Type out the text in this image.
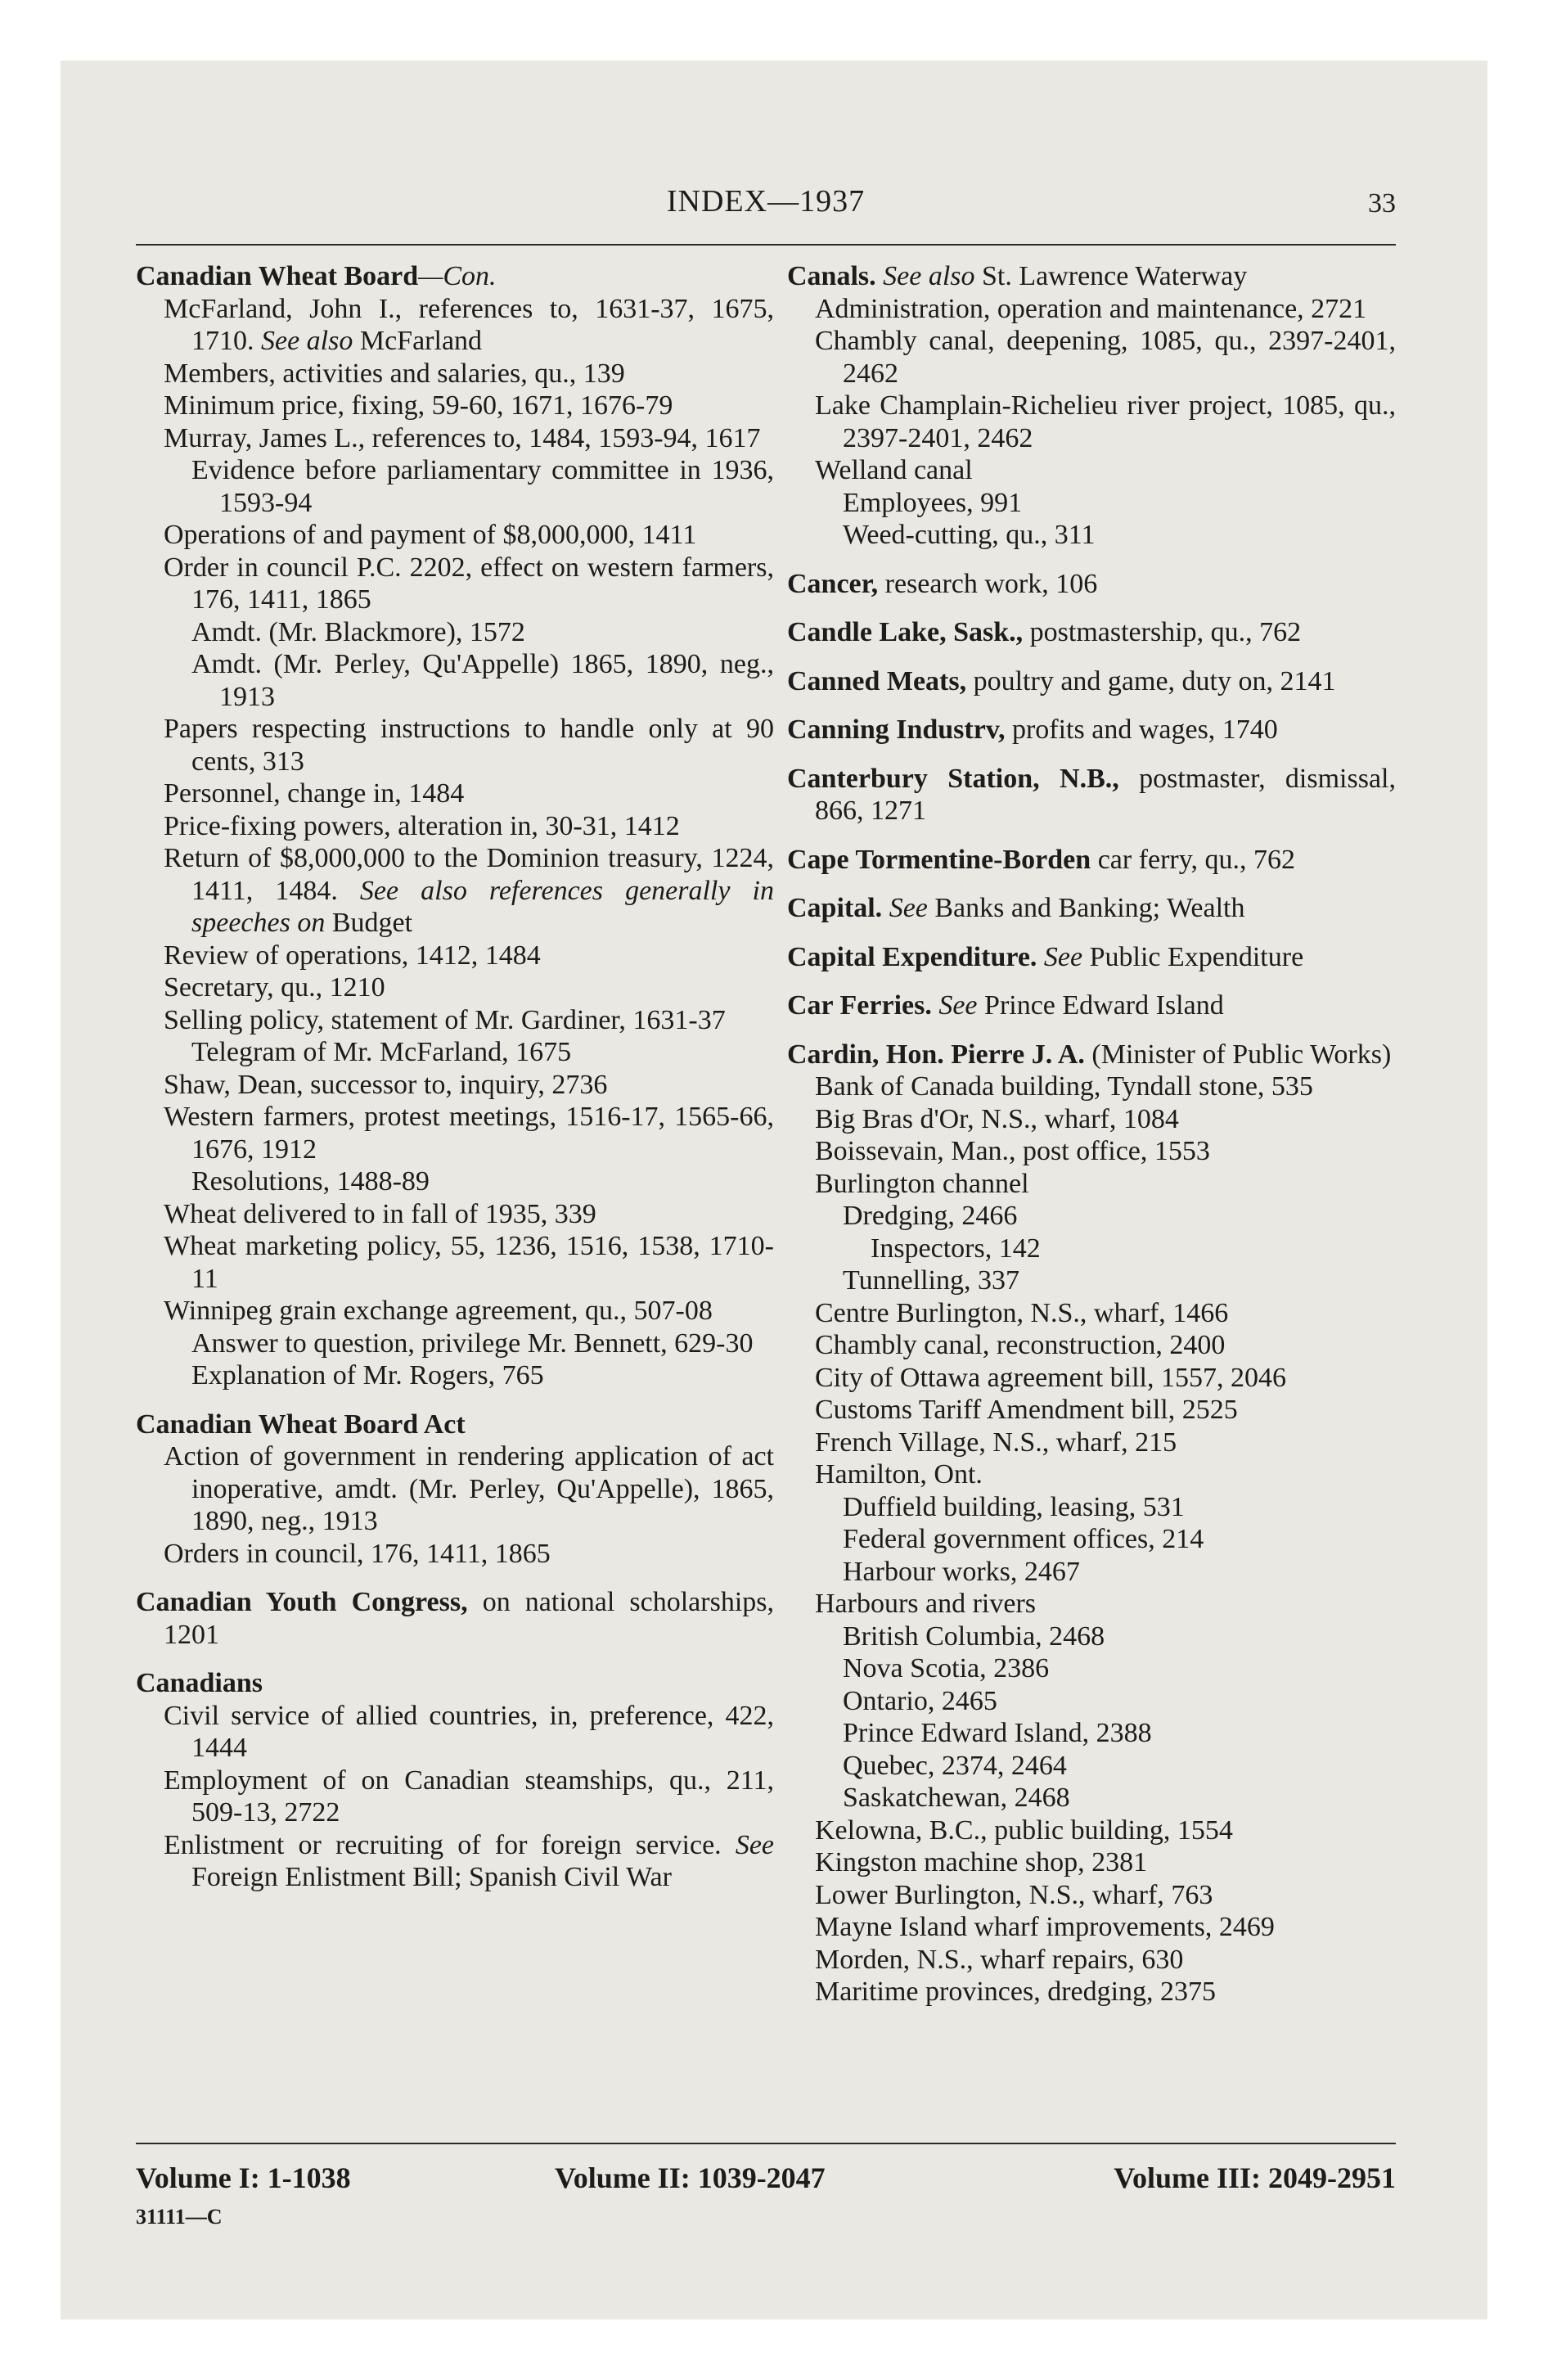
INDEX—1937	33
Canadian Wheat Board—Con.
McFarland, John I., references to, 1631-37, 1675, 1710. See also McFarland
Members, activities and salaries, qu., 139
Minimum price, fixing, 59-60, 1671, 1676-79
Murray, James L., references to, 1484, 1593-94, 1617
Evidence before parliamentary committee in 1936, 1593-94
Operations of and payment of $8,000,000, 1411
Order in council P.C. 2202, effect on western farmers, 176, 1411, 1865
Amdt. (Mr. Blackmore), 1572
Amdt. (Mr. Perley, Qu'Appelle) 1865, 1890, neg., 1913
Papers respecting instructions to handle only at 90 cents, 313
Personnel, change in, 1484
Price-fixing powers, alteration in, 30-31, 1412
Return of $8,000,000 to the Dominion treasury, 1224, 1411, 1484. See also references generally in speeches on Budget
Review of operations, 1412, 1484
Secretary, qu., 1210
Selling policy, statement of Mr. Gardiner, 1631-37
Telegram of Mr. McFarland, 1675
Shaw, Dean, successor to, inquiry, 2736
Western farmers, protest meetings, 1516-17, 1565-66, 1676, 1912
Resolutions, 1488-89
Wheat delivered to in fall of 1935, 339
Wheat marketing policy, 55, 1236, 1516, 1538, 1710-11
Winnipeg grain exchange agreement, qu., 507-08
Answer to question, privilege Mr. Bennett, 629-30
Explanation of Mr. Rogers, 765
Canadian Wheat Board Act
Action of government in rendering application of act inoperative, amdt. (Mr. Perley, Qu'Appelle), 1865, 1890, neg., 1913
Orders in council, 176, 1411, 1865
Canadian Youth Congress, on national scholarships, 1201
Canadians
Civil service of allied countries, in, preference, 422, 1444
Employment of on Canadian steamships, qu., 211, 509-13, 2722
Enlistment or recruiting of for foreign service. See Foreign Enlistment Bill; Spanish Civil War
Canals. See also St. Lawrence Waterway
Administration, operation and maintenance, 2721
Chambly canal, deepening, 1085, qu., 2397-2401, 2462
Lake Champlain-Richelieu river project, 1085, qu., 2397-2401, 2462
Welland canal
Employees, 991
Weed-cutting, qu., 311
Cancer, research work, 106
Candle Lake, Sask., postmastership, qu., 762
Canned Meats, poultry and game, duty on, 2141
Canning Industrv, profits and wages, 1740
Canterbury Station, N.B., postmaster, dismissal, 866, 1271
Cape Tormentine-Borden car ferry, qu., 762
Capital. See Banks and Banking; Wealth
Capital Expenditure. See Public Expenditure
Car Ferries. See Prince Edward Island
Cardin, Hon. Pierre J. A. (Minister of Public Works)
Bank of Canada building, Tyndall stone, 535
Big Bras d'Or, N.S., wharf, 1084
Boissevain, Man., post office, 1553
Burlington channel
Dredging, 2466
Inspectors, 142
Tunnelling, 337
Centre Burlington, N.S., wharf, 1466
Chambly canal, reconstruction, 2400
City of Ottawa agreement bill, 1557, 2046
Customs Tariff Amendment bill, 2525
French Village, N.S., wharf, 215
Hamilton, Ont.
Duffield building, leasing, 531
Federal government offices, 214
Harbour works, 2467
Harbours and rivers
British Columbia, 2468
Nova Scotia, 2386
Ontario, 2465
Prince Edward Island, 2388
Quebec, 2374, 2464
Saskatchewan, 2468
Kelowna, B.C., public building, 1554
Kingston machine shop, 2381
Lower Burlington, N.S., wharf, 763
Mayne Island wharf improvements, 2469
Morden, N.S., wharf repairs, 630
Maritime provinces, dredging, 2375
Volume I: 1-1038	Volume II: 1039-2047	Volume III: 2049-2951
31111—C
